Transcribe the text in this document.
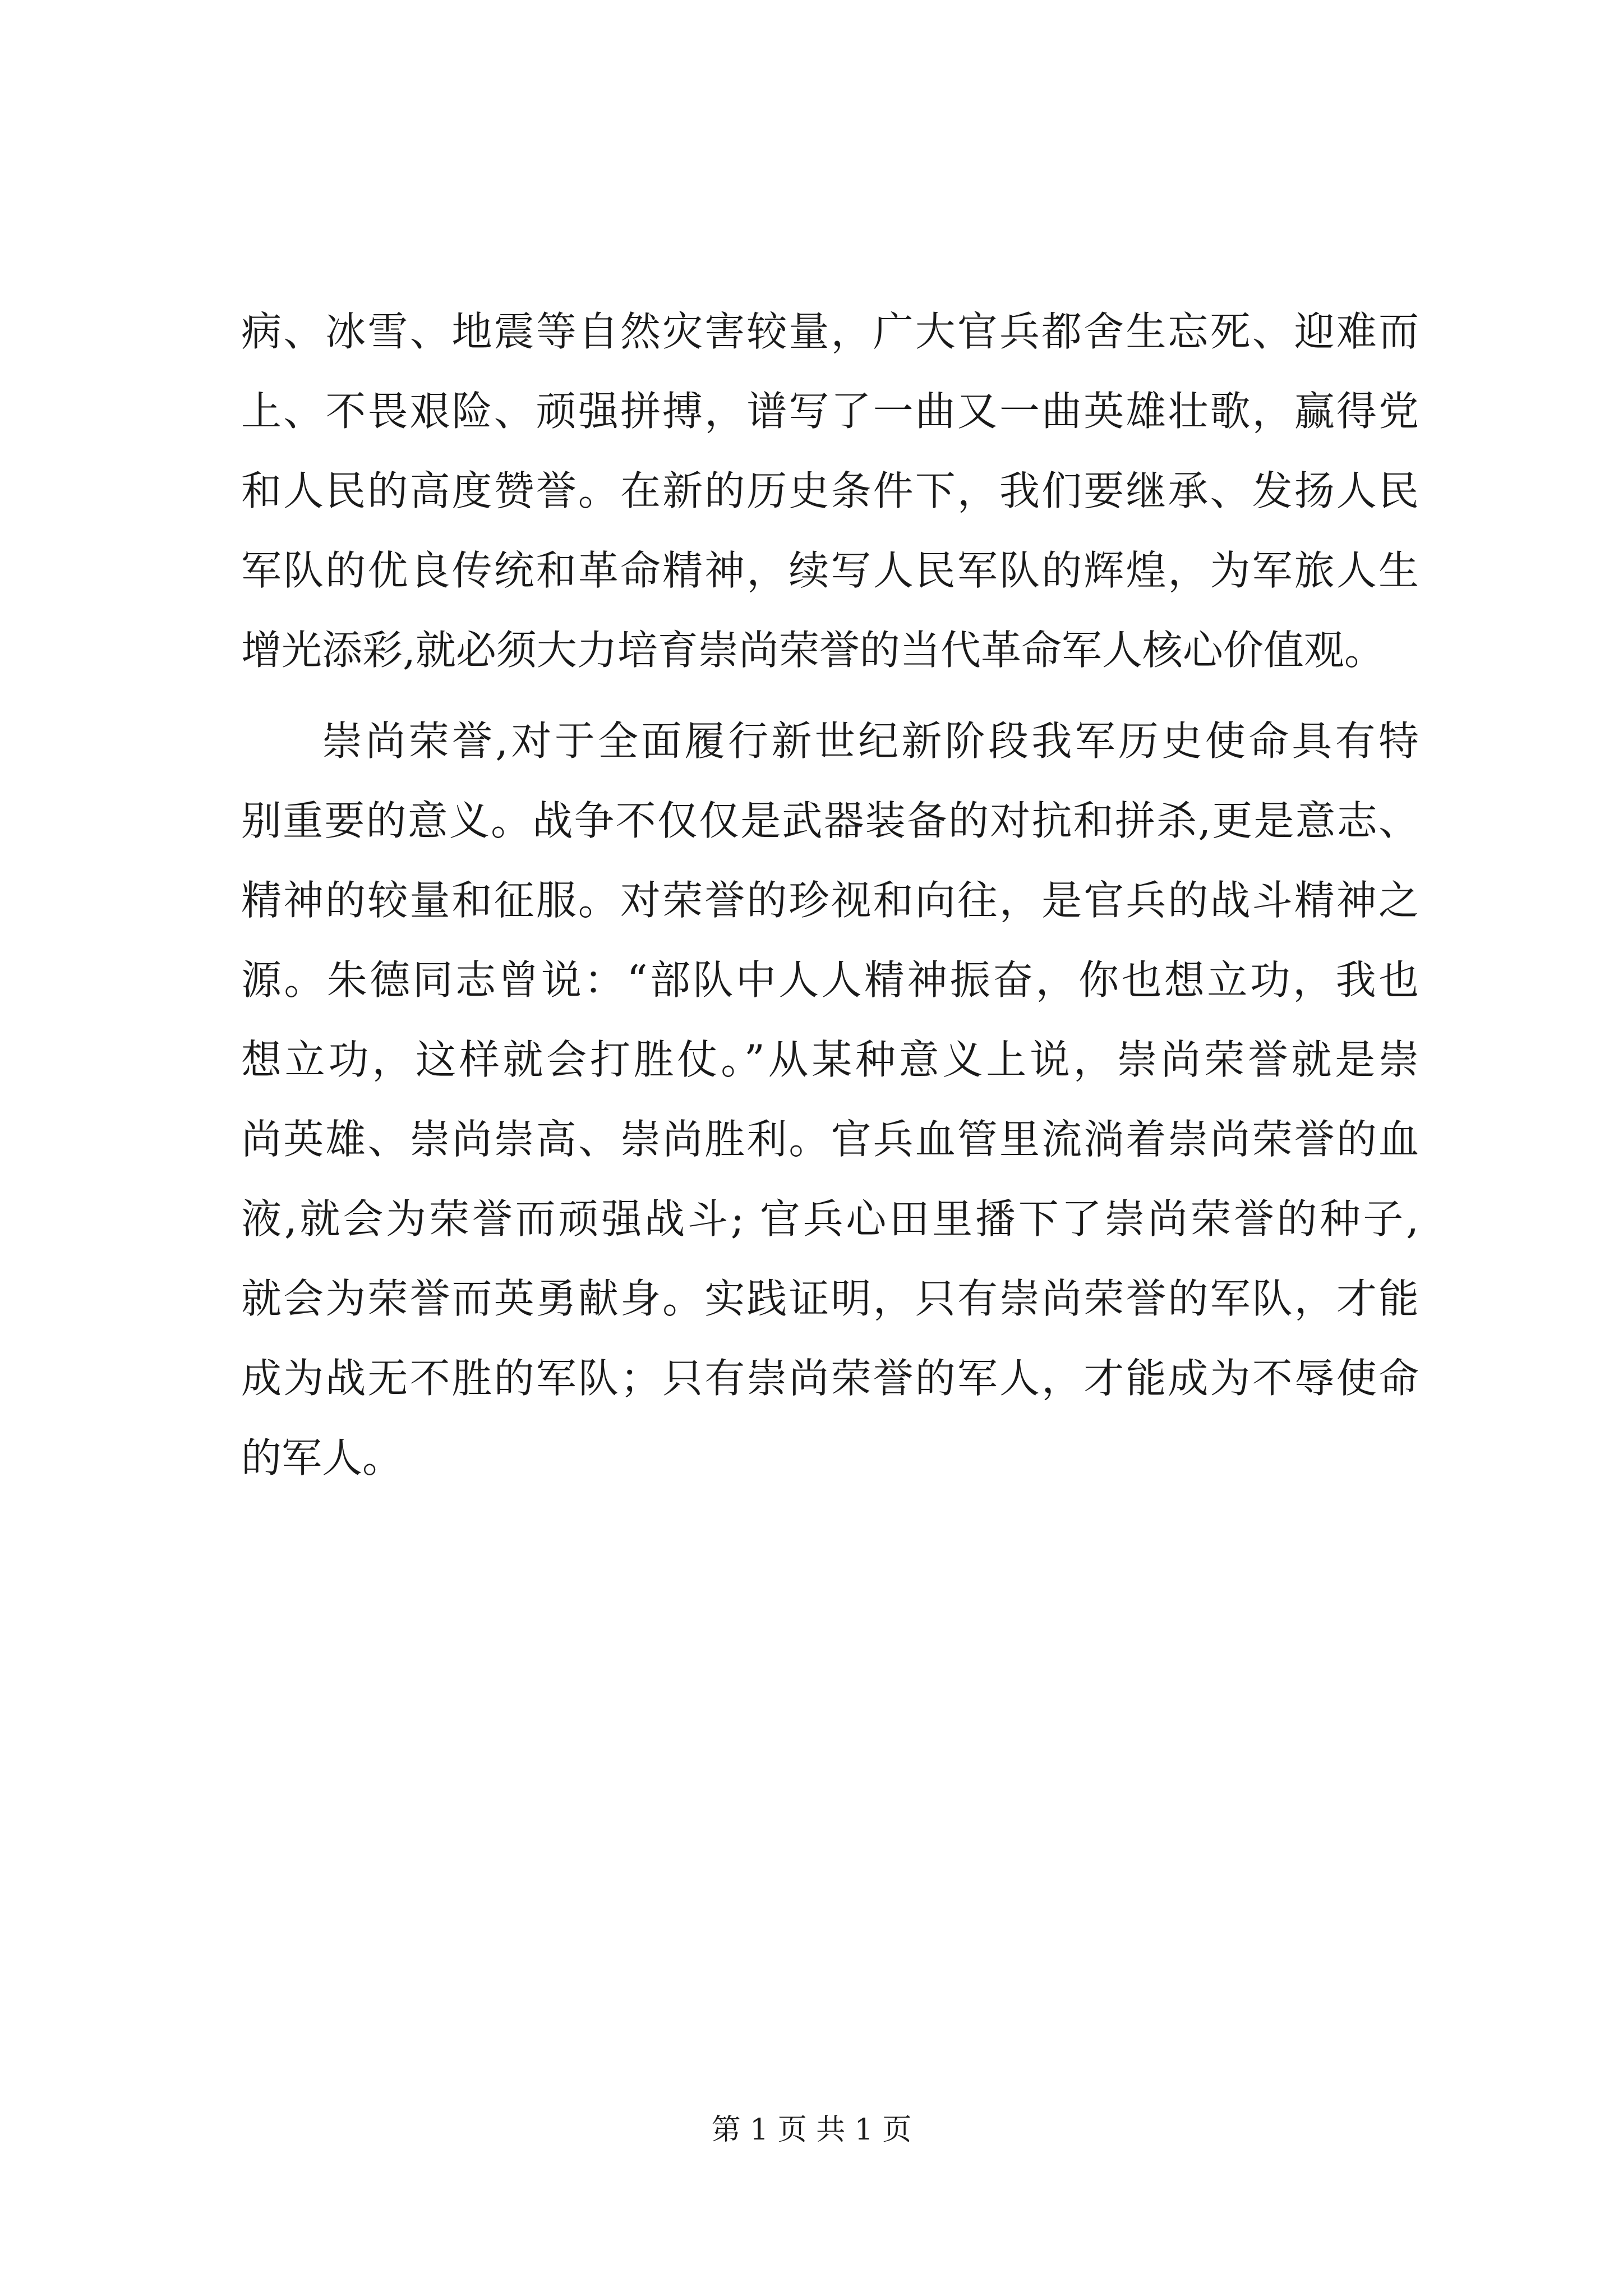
病、冰雪、地震等自然灾害较量，广大官兵都舍生忘死、迎难而
上、不畏艰险、顽强拼搏，谱写了一曲又一曲英雄壮歌，赢得党
和人民的高度赞誉。在新的历史条件下，我们要继承、发扬人民
军队的优良传统和革命精神，续写人民军队的辉煌，为军旅人生
增光添彩,就必须大力培育崇尚荣誉的当代革命军人核心价值观。
崇尚荣誉,对于全面履行新世纪新阶段我军历史使命具有特
别重要的意义。战争不仅仅是武器装备的对抗和拼杀,更是意志、
精神的较量和征服。对荣誉的珍视和向往，是官兵的战斗精神之
源。朱德同志曾说：“部队中人人精神振奋，你也想立功，我也
想立功，这样就会打胜仗。”从某种意义上说，崇尚荣誉就是崇
尚英雄、崇尚崇高、崇尚胜利。官兵血管里流淌着崇尚荣誉的血
液,就会为荣誉而顽强战斗; 官兵心田里播下了崇尚荣誉的种子,
就会为荣誉而英勇献身。实践证明，只有崇尚荣誉的军队，才能
成为战无不胜的军队；只有崇尚荣誉的军人，才能成为不辱使命
的军人。
第 1 页 共 1 页
